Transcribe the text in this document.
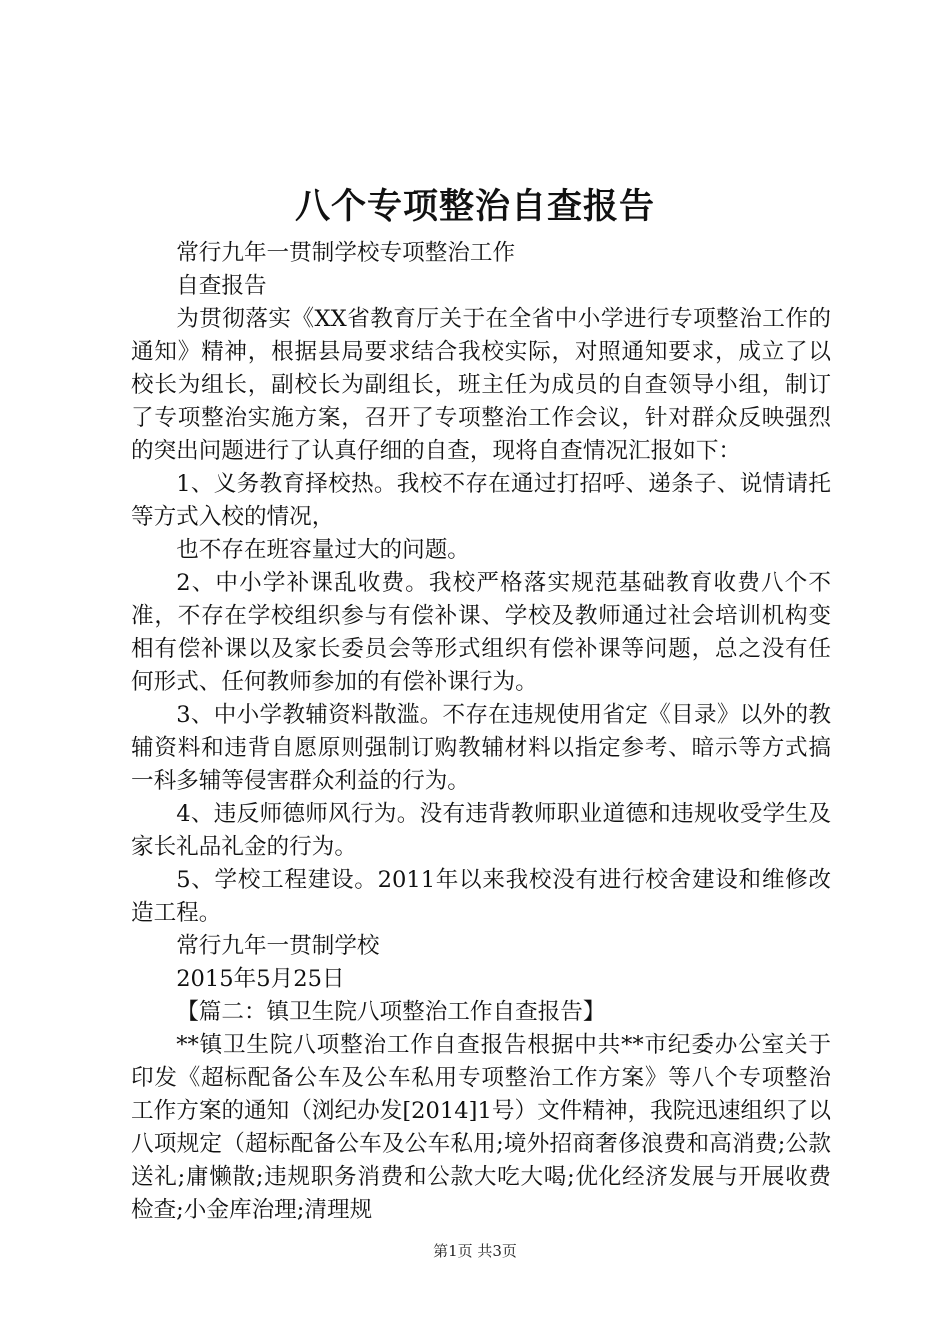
八个专项整治自查报告

常行九年一贯制学校专项整治工作

自查报告

为贯彻落实《XX省教育厅关于在全省中小学进行专项整治工作的通知》精神，根据县局要求结合我校实际，对照通知要求，成立了以校长为组长，副校长为副组长，班主任为成员的自查领导小组，制订了专项整治实施方案，召开了专项整治工作会议，针对群众反映强烈的突出问题进行了认真仔细的自查，现将自查情况汇报如下：

1、义务教育择校热。我校不存在通过打招呼、递条子、说情请托等方式入校的情况，

也不存在班容量过大的问题。

2、中小学补课乱收费。我校严格落实规范基础教育收费八个不准，不存在学校组织参与有偿补课、学校及教师通过社会培训机构变相有偿补课以及家长委员会等形式组织有偿补课等问题，总之没有任何形式、任何教师参加的有偿补课行为。

3、中小学教辅资料散滥。不存在违规使用省定《目录》以外的教辅资料和违背自愿原则强制订购教辅材料以指定参考、暗示等方式搞一科多辅等侵害群众利益的行为。

4、违反师德师风行为。没有违背教师职业道德和违规收受学生及家长礼品礼金的行为。

5、学校工程建设。2011年以来我校没有进行校舍建设和维修改造工程。

常行九年一贯制学校

2015年5月25日

【篇二：镇卫生院八项整治工作自查报告】

**镇卫生院八项整治工作自查报告根据中共**市纪委办公室关于印发《超标配备公车及公车私用专项整治工作方案》等八个专项整治工作方案的通知（浏纪办发[2014]1号）文件精神，我院迅速组织了以八项规定（超标配备公车及公车私用;境外招商奢侈浪费和高消费;公款送礼;庸懒散;违规职务消费和公款大吃大喝;优化经济发展与开展收费检查;小金库治理;清理规

第1页 共3页
